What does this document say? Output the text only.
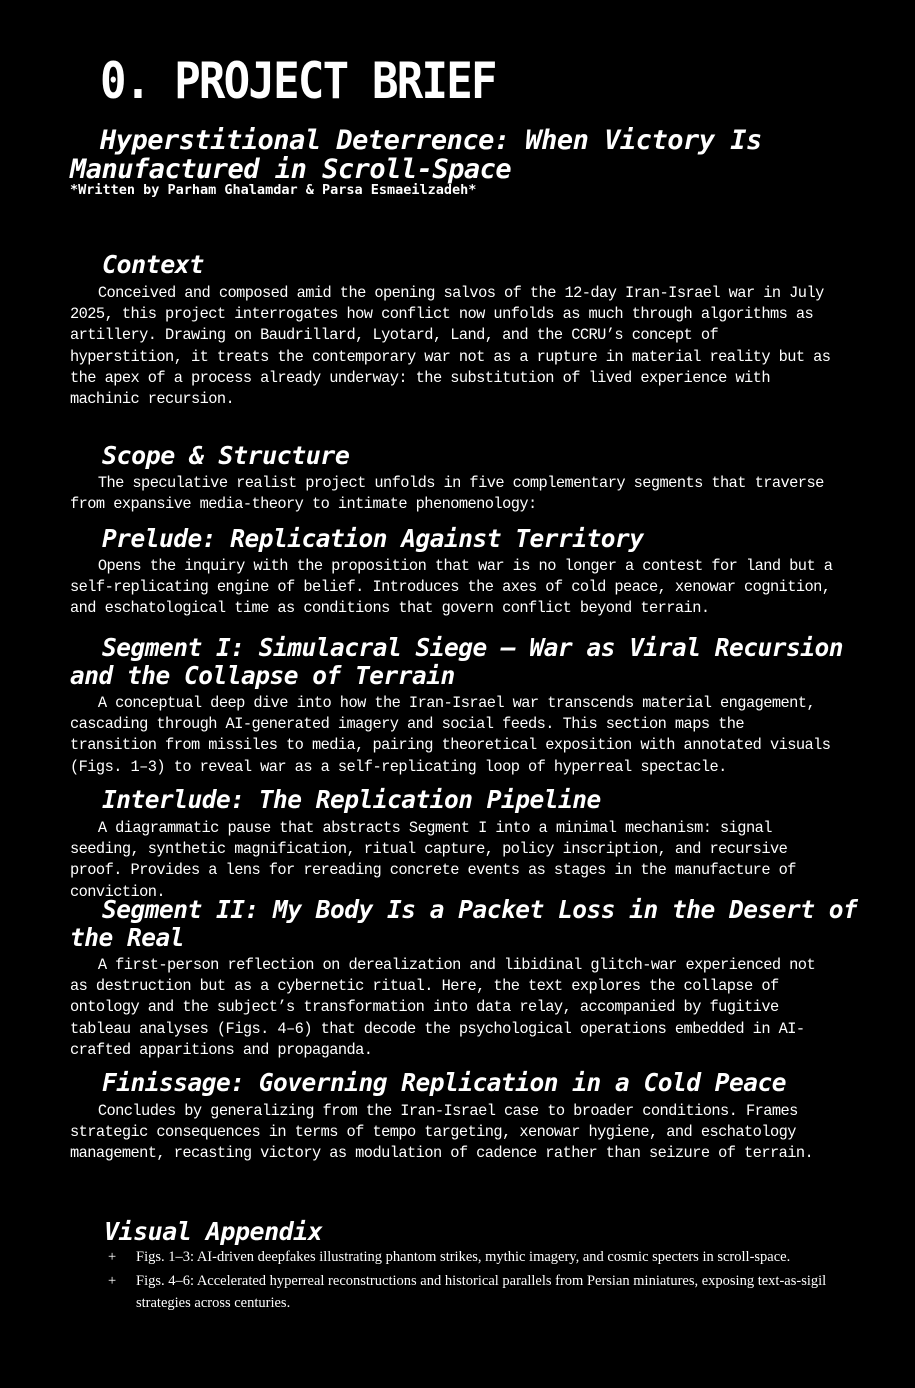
0. PROJECT BRIEF
Hyperstitional Deterrence: When Victory Is Manufactured in Scroll-Space

*Written by Parham Ghalamdar & Parsa Esmaeilzadeh*

Context

Conceived and composed amid the opening salvos of the 12-day Iran-Israel war in July 2025, this project interrogates how conflict now unfolds as much through algorithms as artillery. Drawing on Baudrillard, Lyotard, Land, and the CCRU’s concept of hyperstition, it treats the contemporary war not as a rupture in material reality but as the apex of a process already underway: the substitution of lived experience with machinic recursion.

Scope & Structure

The speculative realist project unfolds in five complementary segments that traverse from expansive media-theory to intimate phenomenology:

Prelude: Replication Against Territory

Opens the inquiry with the proposition that war is no longer a contest for land but a self-replicating engine of belief. Introduces the axes of cold peace, xenowar cognition, and eschatological time as conditions that govern conflict beyond terrain.

Segment I: Simulacral Siege — War as Viral Recursion and the Collapse of Terrain

A conceptual deep dive into how the Iran-Israel war transcends material engagement, cascading through AI-generated imagery and social feeds. This section maps the transition from missiles to media, pairing theoretical exposition with annotated visuals (Figs. 1–3) to reveal war as a self-replicating loop of hyperreal spectacle.

Interlude: The Replication Pipeline

A diagrammatic pause that abstracts Segment I into a minimal mechanism: signal seeding, synthetic magnification, ritual capture, policy inscription, and recursive proof. Provides a lens for rereading concrete events as stages in the manufacture of conviction.

Segment II: My Body Is a Packet Loss in the Desert of the Real

A first-person reflection on derealization and libidinal glitch-war experienced not as destruction but as a cybernetic ritual. Here, the text explores the collapse of ontology and the subject’s transformation into data relay, accompanied by fugitive tableau analyses (Figs. 4–6) that decode the psychological operations embedded in AI-crafted apparitions and propaganda.

Finissage: Governing Replication in a Cold Peace

Concludes by generalizing from the Iran-Israel case to broader conditions. Frames strategic consequences in terms of tempo targeting, xenowar hygiene, and eschatology management, recasting victory as modulation of cadence rather than seizure of terrain.

Visual Appendix
+ Figs. 1–3: AI-driven deepfakes illustrating phantom strikes, mythic imagery, and cosmic specters in scroll-space.
+ Figs. 4–6: Accelerated hyperreal reconstructions and historical parallels from Persian miniatures, exposing text-as-sigil strategies across centuries.
